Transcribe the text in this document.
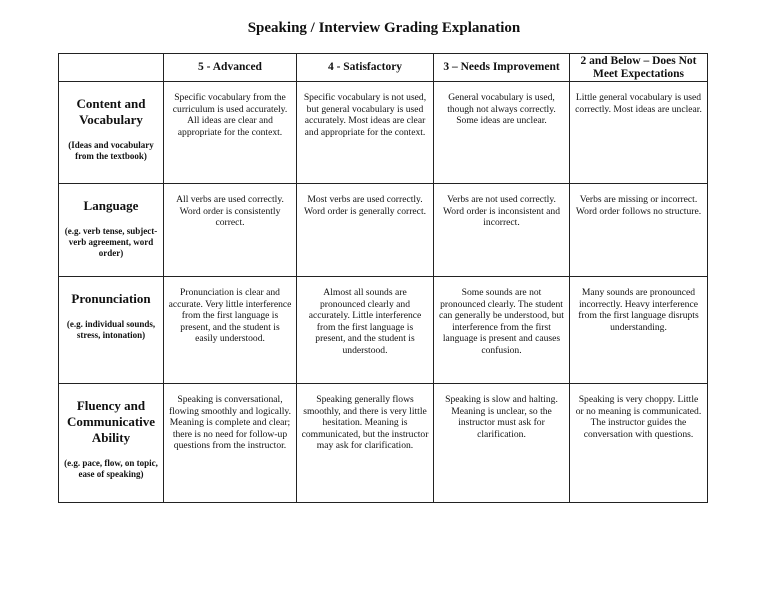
Speaking / Interview Grading Explanation
	5 - Advanced	4 - Satisfactory	3 – Needs Improvement	2 and Below – Does Not Meet Expectations

Content and Vocabulary
(Ideas and vocabulary from the textbook)	Specific vocabulary from the curriculum is used accurately. All ideas are clear and appropriate for the context.	Specific vocabulary is not used, but general vocabulary is used accurately. Most ideas are clear and appropriate for the context.	General vocabulary is used, though not always correctly. Some ideas are unclear.	Little general vocabulary is used correctly. Most ideas are unclear.

Language
(e.g. verb tense, subject-verb agreement, word order)	All verbs are used correctly. Word order is consistently correct.	Most verbs are used correctly. Word order is generally correct.	Verbs are not used correctly. Word order is inconsistent and incorrect.	Verbs are missing or incorrect. Word order follows no structure.

Pronunciation
(e.g. individual sounds, stress, intonation)	Pronunciation is clear and accurate. Very little interference from the first language is present, and the student is easily understood.	Almost all sounds are pronounced clearly and accurately. Little interference from the first language is present, and the student is understood.	Some sounds are not pronounced clearly. The student can generally be understood, but interference from the first language is present and causes confusion.	Many sounds are pronounced incorrectly. Heavy interference from the first language disrupts understanding.

Fluency and Communicative Ability
(e.g. pace, flow, on topic, ease of speaking)	Speaking is conversational, flowing smoothly and logically. Meaning is complete and clear; there is no need for follow-up questions from the instructor.	Speaking generally flows smoothly, and there is very little hesitation. Meaning is communicated, but the instructor may ask for clarification.	Speaking is slow and halting. Meaning is unclear, so the instructor must ask for clarification.	Speaking is very choppy. Little or no meaning is communicated. The instructor guides the conversation with questions.
